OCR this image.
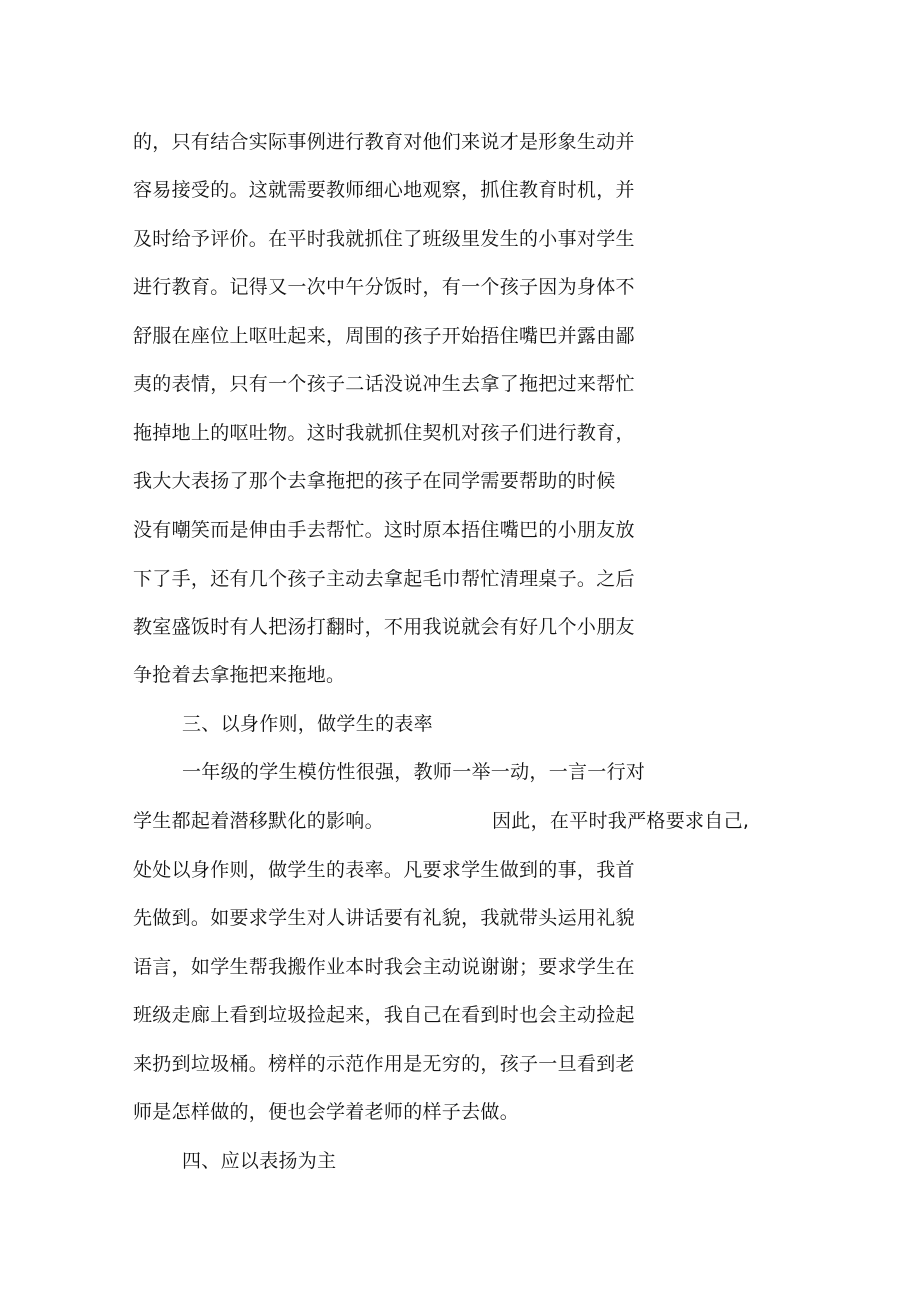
的，只有结合实际事例进行教育对他们来说才是形象生动并
容易接受的。这就需要教师细心地观察，抓住教育时机，并
及时给予评价。在平时我就抓住了班级里发生的小事对学生
进行教育。记得又一次中午分饭时，有一个孩子因为身体不
舒服在座位上呕吐起来，周围的孩子开始捂住嘴巴并露由鄙
夷的表情，只有一个孩子二话没说冲生去拿了拖把过来帮忙
拖掉地上的呕吐物。这时我就抓住契机对孩子们进行教育，
我大大表扬了那个去拿拖把的孩子在同学需要帮助的时候
没有嘲笑而是伸由手去帮忙。这时原本捂住嘴巴的小朋友放
下了手，还有几个孩子主动去拿起毛巾帮忙清理桌子。之后
教室盛饭时有人把汤打翻时，不用我说就会有好几个小朋友
争抢着去拿拖把来拖地。
三、以身作则，做学生的表率
一年级的学生模仿性很强，教师一举一动，一言一行对
学生都起着潜移默化的影响。	因此，在平时我严格要求自己,
处处以身作则，做学生的表率。凡要求学生做到的事，我首
先做到。如要求学生对人讲话要有礼貌，我就带头运用礼貌
语言，如学生帮我搬作业本时我会主动说谢谢；要求学生在
班级走廊上看到垃圾捡起来，我自己在看到时也会主动捡起
来扔到垃圾桶。榜样的示范作用是无穷的，孩子一旦看到老
师是怎样做的，便也会学着老师的样子去做。
四、应以表扬为主
